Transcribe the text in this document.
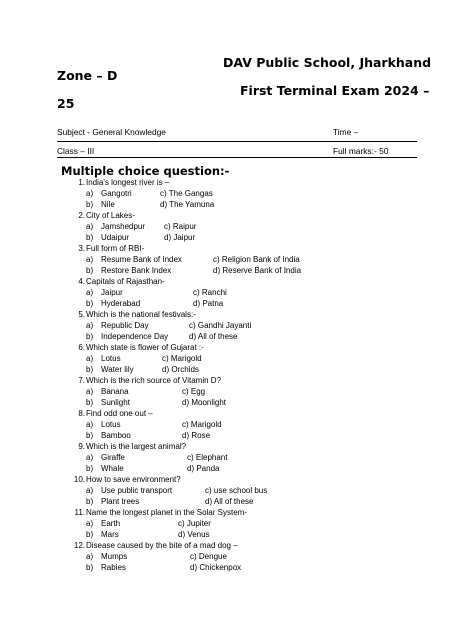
DAV Public School, Jharkhand
Zone – D
First Terminal Exam 2024 –
25
Subject - General Knowledge	Time –
Class – III	Full marks:- 50
Multiple choice question:-
1. India's longest river is –
a) Gangotri	c) The Gangas
b) Nile	d) The Yamuna
2. City of Lakes-
a) Jamshedpur c) Raipur
b) Udaipur	d) Jaipur
3. Full form of RBI-
a) Resume Bank of Index	c) Religion Bank of India
b) Restore Bank Index	d) Reserve Bank of India
4. Capitals of Rajasthan-
a) Jaipur	c) Ranchi
b) Hyderabad	d) Patna
5. Which is the national festivals:-
a) Republic Day	c) Gandhi Jayanti
b) Independence Day	d) All of these
6. Which state is flower of Gujarat :-
a) Lotus	c) Marigold
b) Water lily	d) Orchids
7. Which is the rich source of Vitamin D?
a) Banana	c) Egg
b) Sunlight	d) Moonlight
8. Find odd one out –
a) Lotus	c) Marigold
b) Bamboo	d) Rose
9. Which is the largest animal?
a) Giraffe	c) Elephant
b) Whale	d) Panda
10. How to save environment?
a) Use public transport	c) use school bus
b) Plant trees	d) All of these
11. Name the longest planet in the Solar System-
a) Earth	c) Jupiter
b) Mars	d) Venus
12. Disease caused by the bite of a mad dog –
a) Mumps	c) Dengue
b) Rabies	d) Chickenpox
